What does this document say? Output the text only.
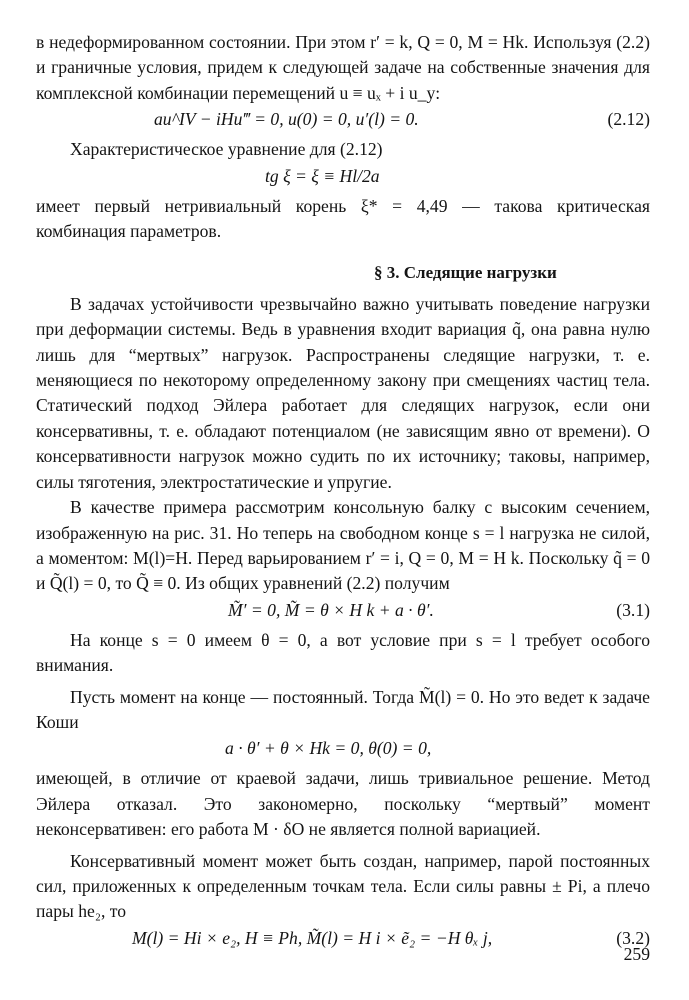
в недеформированном состоянии. При этом r′ = k, Q = 0, M = Hk. Используя (2.2) и граничные условия, придем к следующей задаче на собственные значения для комплексной комбинации перемещений u ≡ uₓ + i u_y:

au^IV − iHu‴ = 0, u(0) = 0, u′(l) = 0.	(2.12)

Характеристическое уравнение для (2.12)

tg ξ = ξ ≡ Hl/2a

имеет первый нетривиальный корень ξ* = 4,49 — такова критическая комбинация параметров.

§ 3. Следящие нагрузки

В задачах устойчивости чрезвычайно важно учитывать поведение нагрузки при деформации системы. Ведь в уравнения входит вариация q̃, она равна нулю лишь для “мертвых” нагрузок. Распространены следящие нагрузки, т. е. меняющиеся по некоторому определенному закону при смещениях частиц тела. Статический подход Эйлера работает для следящих нагрузок, если они консервативны, т. е. обладают потенциалом (не зависящим явно от времени). О консервативности нагрузок можно судить по их источнику; таковы, например, силы тяготения, электростатические и упругие.

В качестве примера рассмотрим консольную балку с высоким сечением, изображенную на рис. 31. Но теперь на свободном конце s = l нагрузка не силой, а моментом: M(l)=H. Перед варьированием r′ = i, Q = 0, M = H k. Поскольку q̃ = 0 и Q̃(l) = 0, то Q̃ ≡ 0. Из общих уравнений (2.2) получим

M̃′ = 0, M̃ = θ × H k + a · θ′.	(3.1)

На конце s = 0 имеем θ = 0, а вот условие при s = l требует особого внимания.

Пусть момент на конце — постоянный. Тогда M̃(l) = 0. Но это ведет к задаче Коши

a · θ′ + θ × Hk = 0, θ(0) = 0,

имеющей, в отличие от краевой задачи, лишь тривиальное решение. Метод Эйлера отказал. Это закономерно, поскольку “мертвый” момент неконсервативен: его работа M · δO не является полной вариацией.

Консервативный момент может быть создан, например, парой постоянных сил, приложенных к определенным точкам тела. Если силы равны ± Pi, а плечо пары he₂, то

M(l) = Hi × e₂, H ≡ Ph, M̃(l) = H i × ẽ₂ = −H θₓ j,	(3.2)
259
